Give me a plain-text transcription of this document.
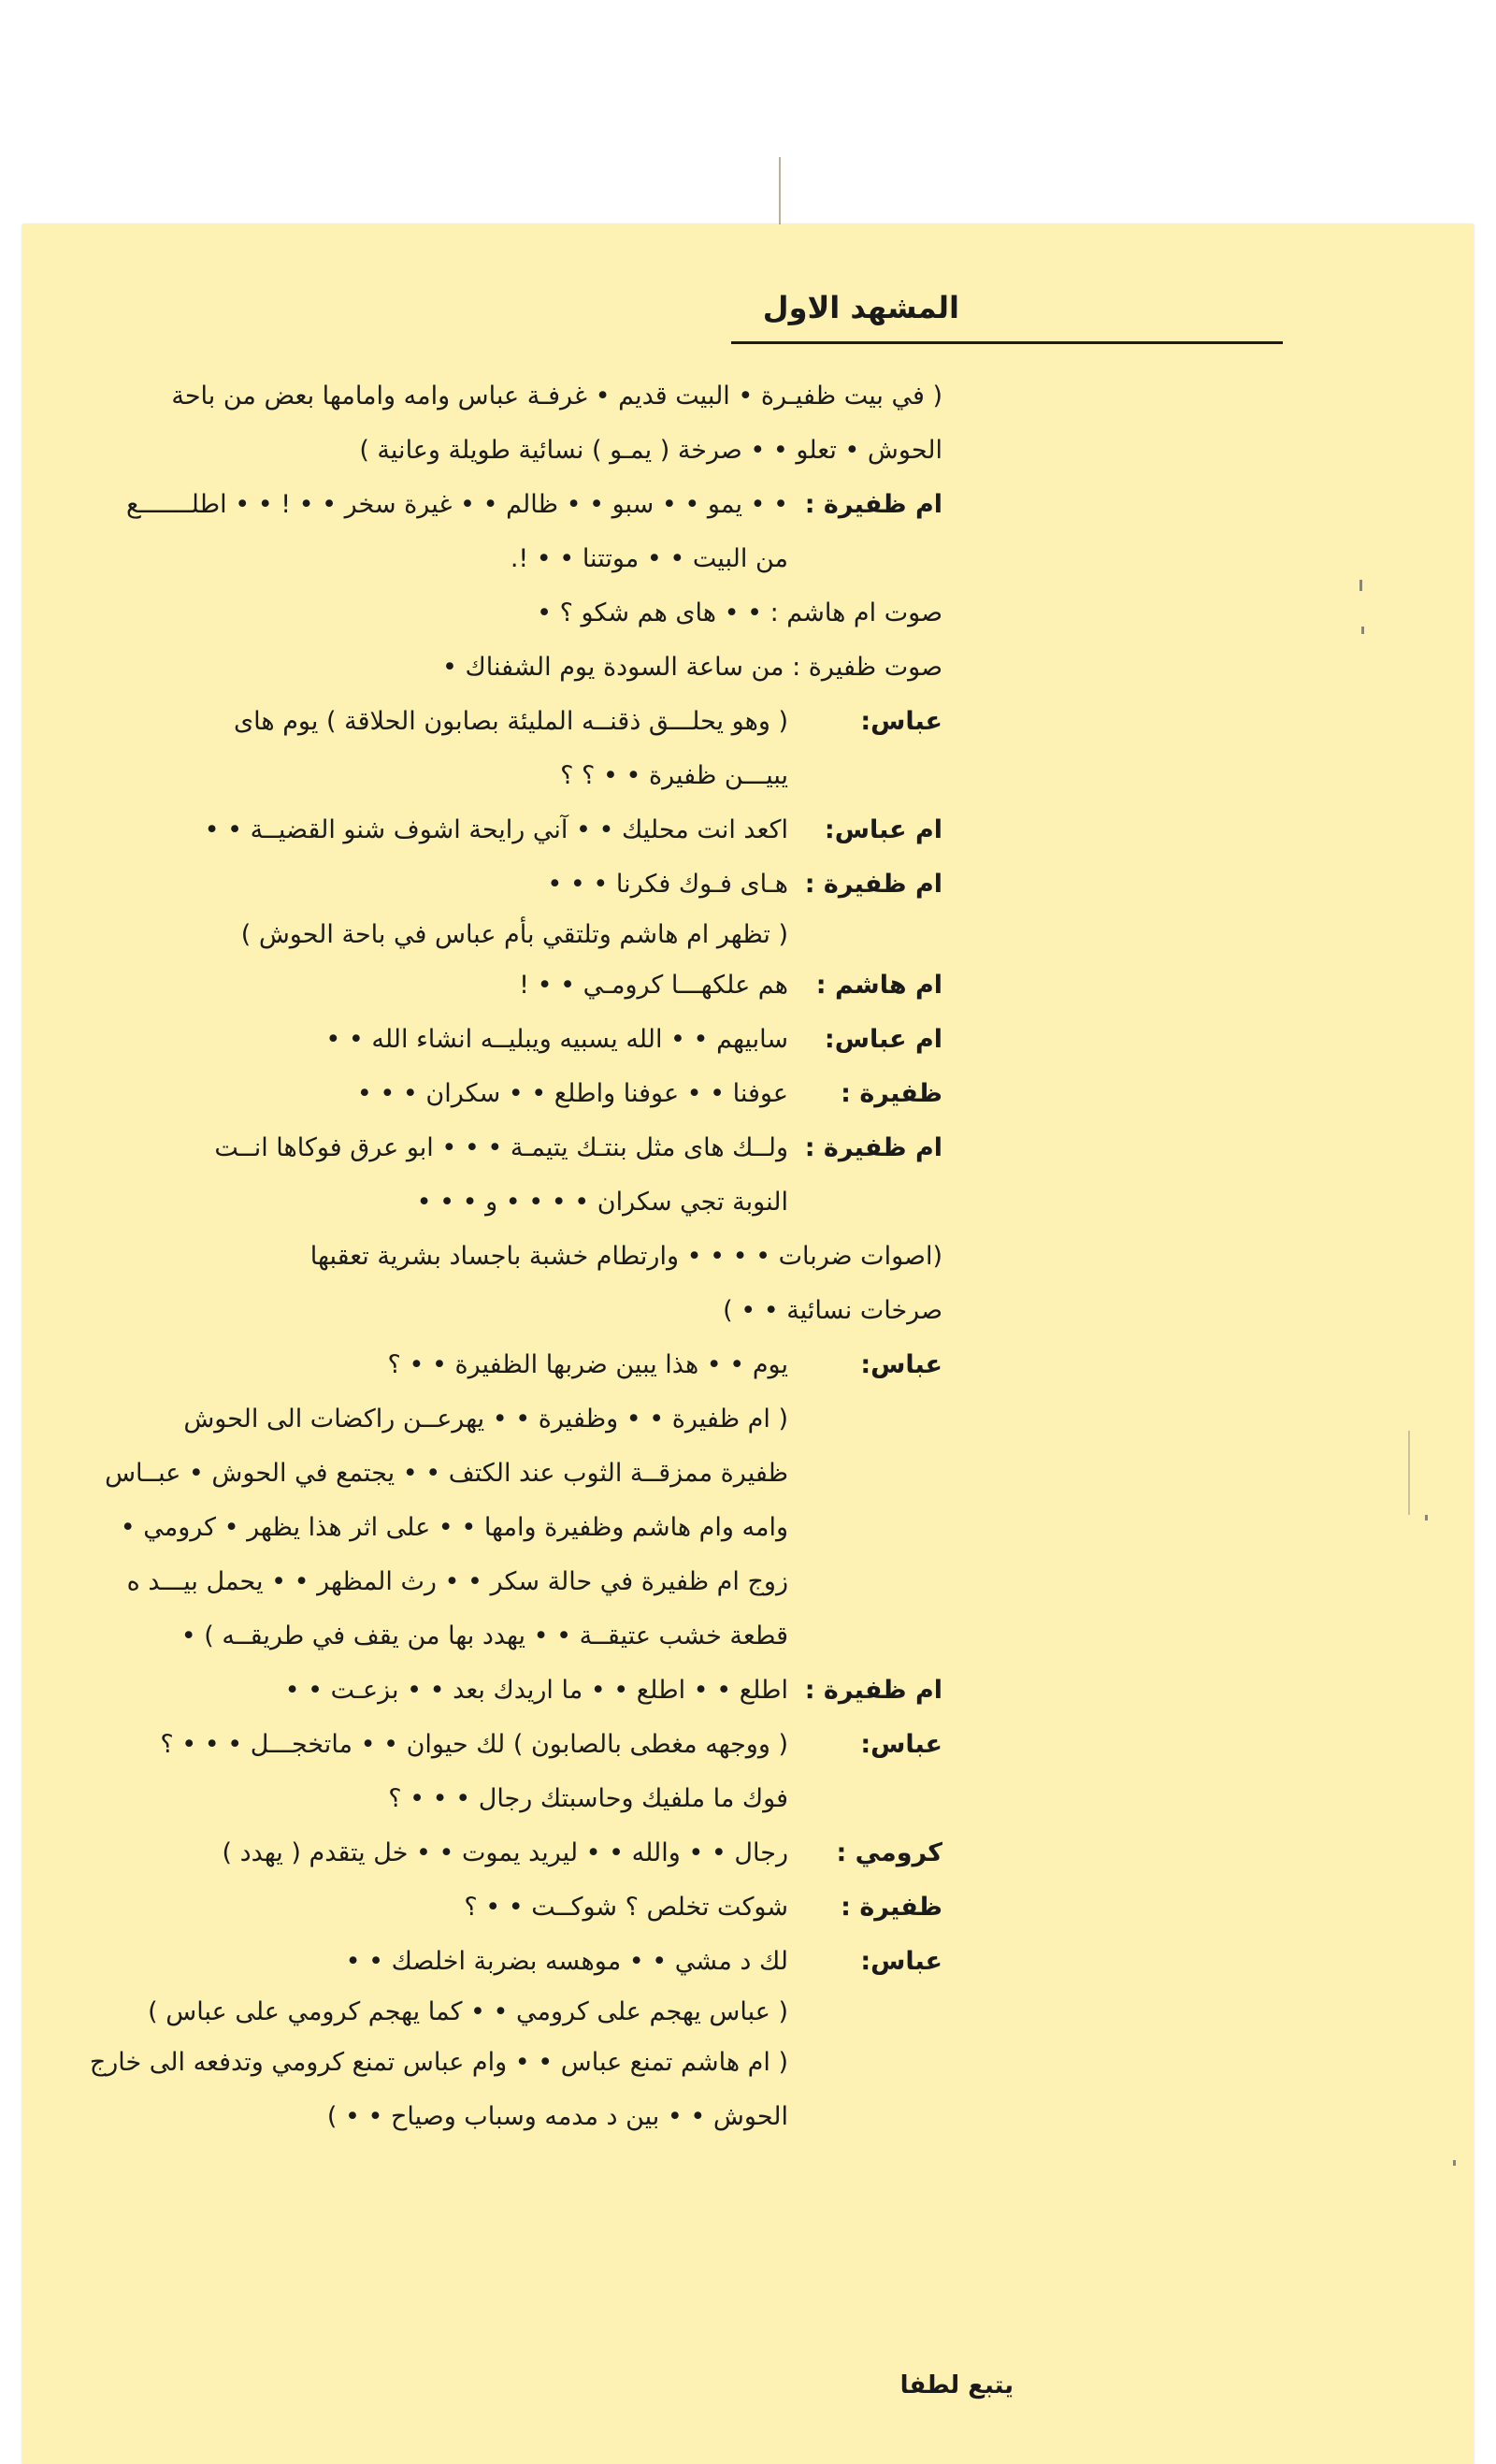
المشهد الاول
( في بيت ظفيـرة • البيت قديم • غرفـة عباس وامه وامامها بعض من باحة
الحوش • تعلو • • صرخة ( يمـو ) نسائية طويلة وعانية )
ام ظفيرة :
• • يمو • • سبو • • ظالم • • غيرة سخر • • ! • • اطلـــــــع
من البيت • • موتتنا • • !.
صوت ام هاشم : • • هاى هم شكو ؟ •
صوت ظفيرة : من ساعة السودة يوم الشفناك •
عباس:
( وهو يحلـــق ذقنــه المليئة بصابون الحلاقة ) يوم هاى
يبيـــن ظفيرة • • ؟ ؟
ام عباس:
اكعد انت محليك • • آني رايحة اشوف شنو القضيــة • •
ام ظفيرة :
هـاى فـوك فكرنا • • •
( تظهر ام هاشم وتلتقي بأم عباس في باحة الحوش )
ام هاشم :
هم علكهـــا كرومـي • • !
ام عباس:
سابيهم • • الله يسبيه ويبليــه انشاء الله • •
ظفيرة :
عوفنا • • عوفنا واطلع • • سكران • • •
ام ظفيرة :
ولــك هاى مثل بنتـك يتيمـة • • • ابو عرق فوكاها انــت
النوبة تجي سكران • • • • و • • •
(اصوات ضربات • • • • وارتطام خشبة باجساد بشرية تعقبها
صرخات نسائية • • )
عباس:
يوم • • هذا يبين ضربها الظفيرة • • ؟
( ام ظفيرة • • وظفيرة • • يهرعــن راكضات الى الحوش
ظفيرة ممزقــة الثوب عند الكتف • • يجتمع في الحوش • عبــاس
وامه وام هاشم وظفيرة وامها • • على اثر هذا يظهر • كرومي •
زوج ام ظفيرة في حالة سكر • • رث المظهر • • يحمل بيـــد ه
قطعة خشب عتيقــة • • يهدد بها من يقف في طريقــه ) •
ام ظفيرة :
اطلع • • اطلع • • ما اريدك بعد • • بزعـت • •
عباس:
( ووجهه مغطى بالصابون ) لك حيوان • • ماتخجـــل • • • ؟
فوك ما ملفيك وحاسبتك رجال • • • ؟
كرومي :
رجال • • والله • • ليريد يموت • • خل يتقدم ( يهدد )
ظفيرة :
شوكت تخلص ؟ شوكــت • • ؟
عباس:
لك د مشي • • موهسه بضربة اخلصك • •
( عباس يهجم على كرومي • • كما يهجم كرومي على عباس )
( ام هاشم تمنع عباس • • وام عباس تمنع كرومي وتدفعه الى خارج
الحوش • • بين د مدمه وسباب وصياح • • )
يتبع لطفا
